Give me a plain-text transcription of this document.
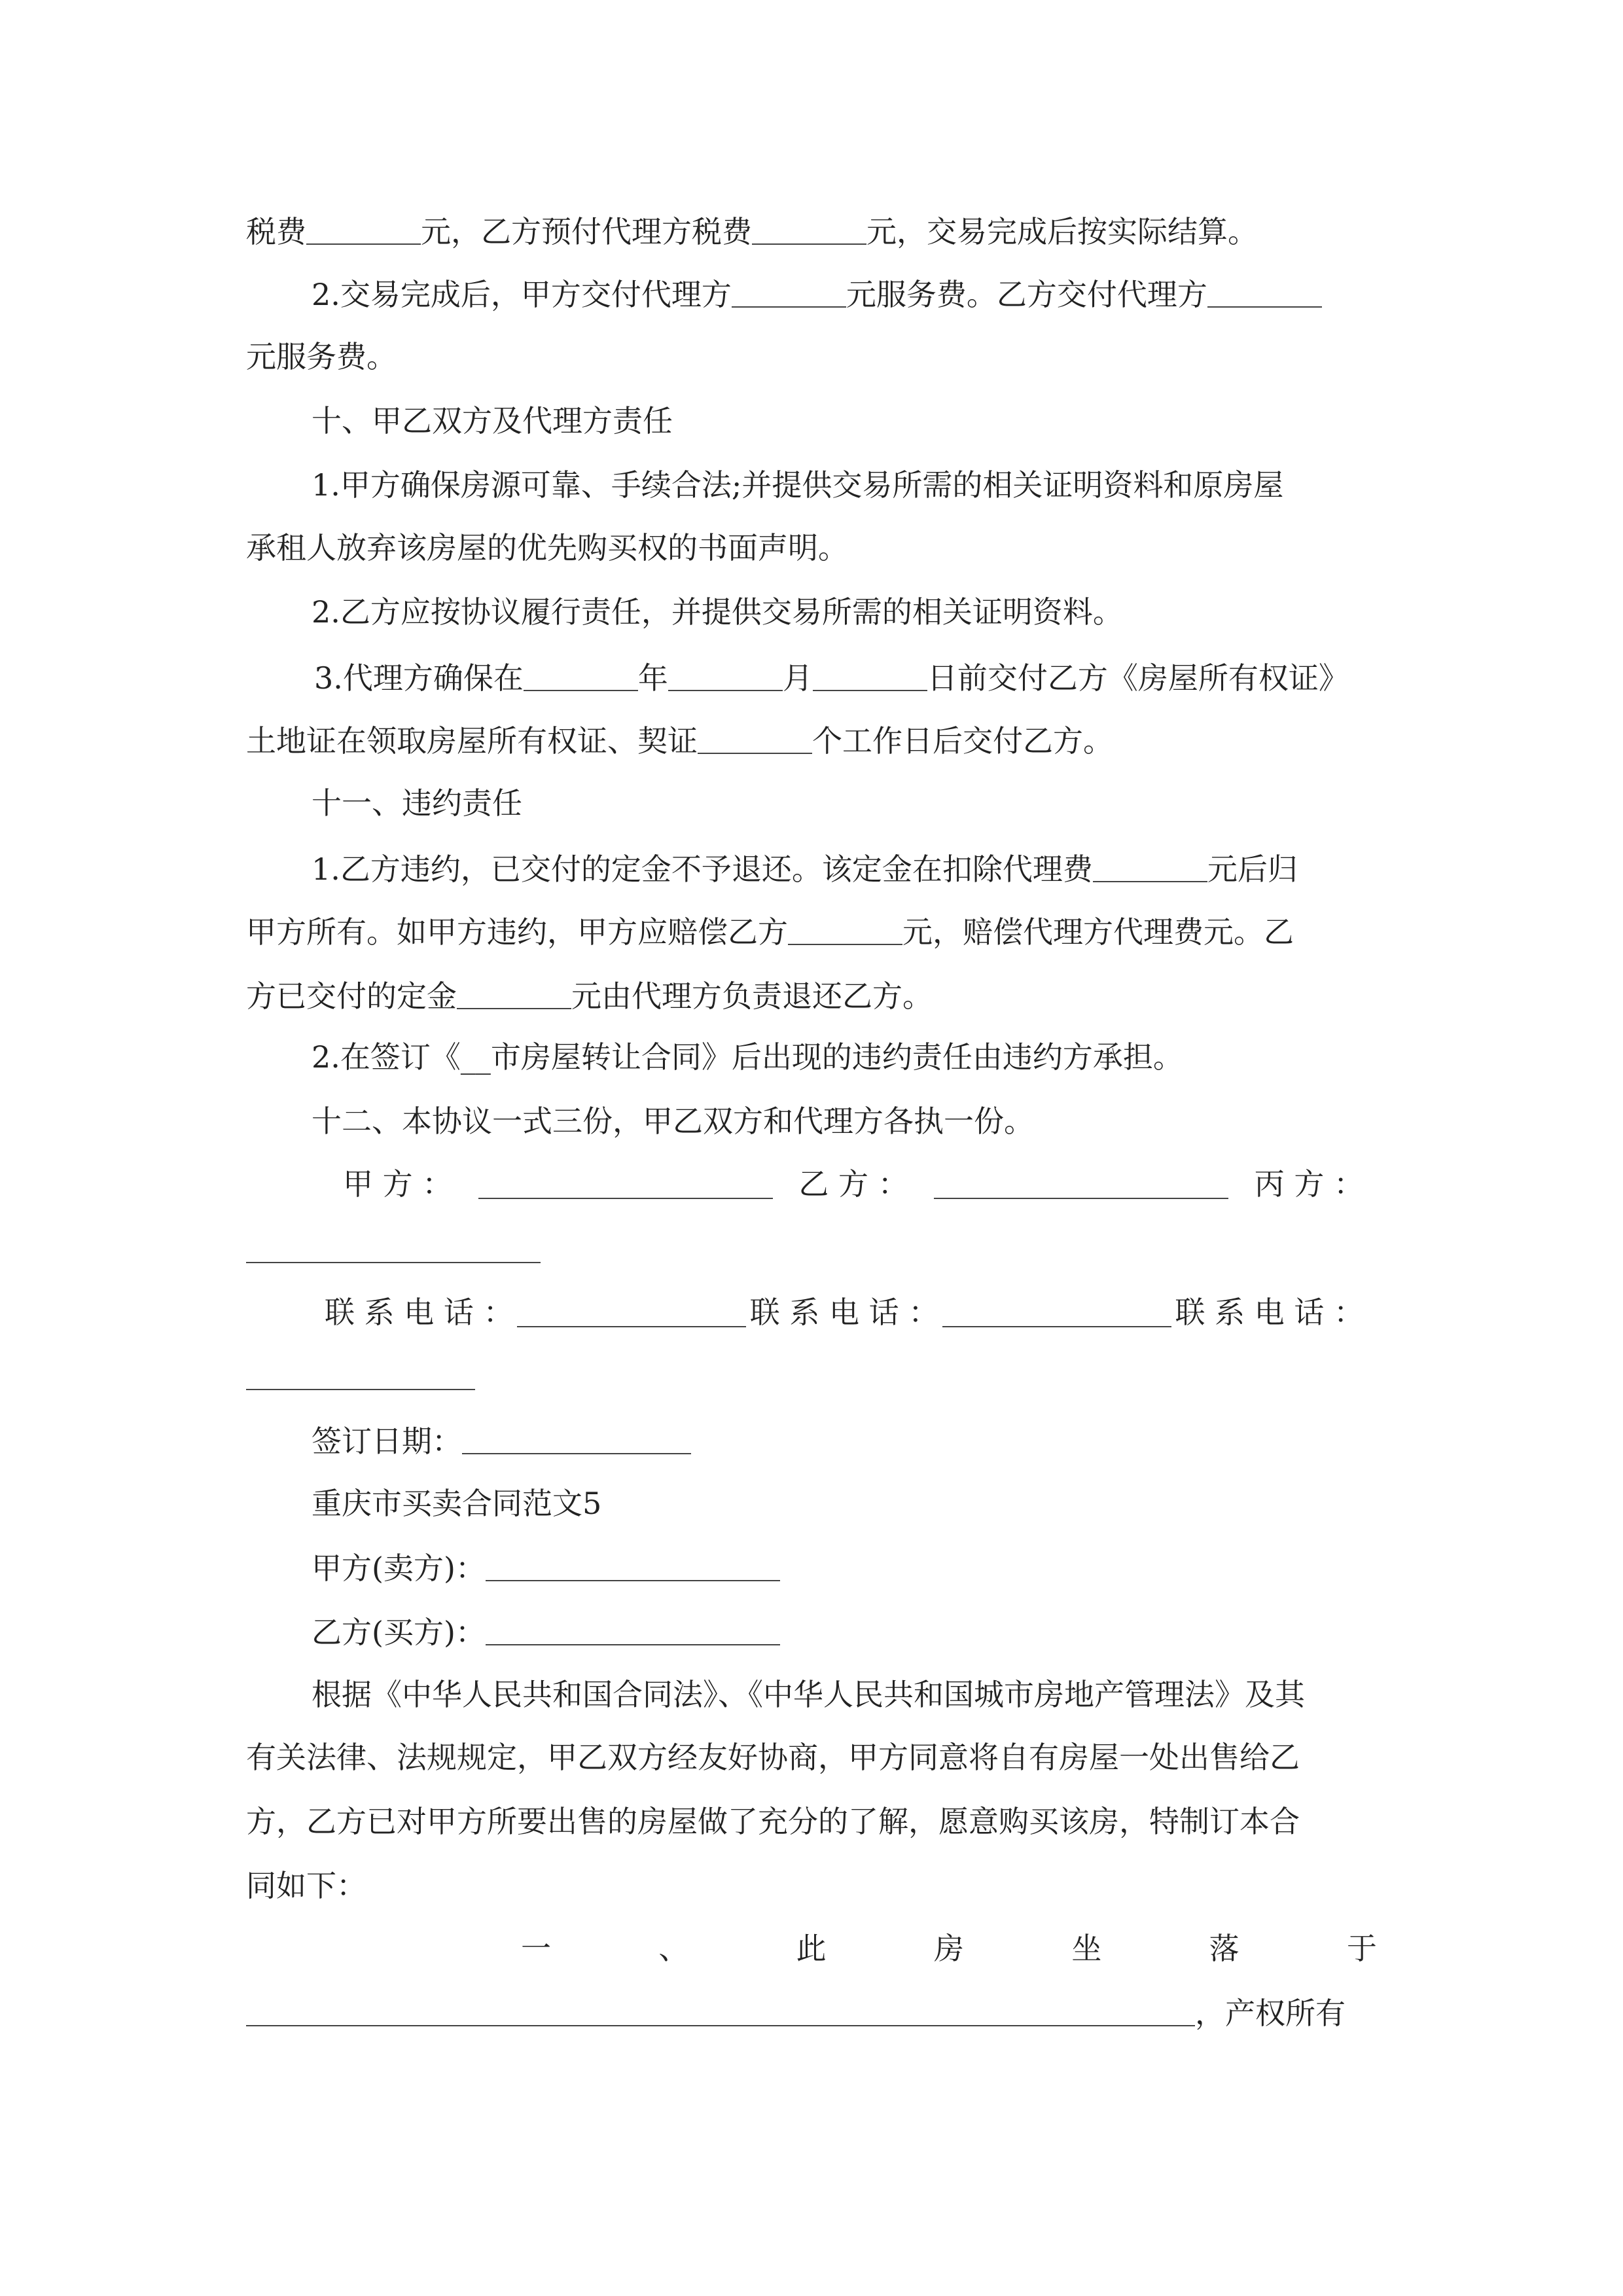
税费	元，乙方预付代理方税费	元，交易完成后按实际结算。
2.交易完成后，甲方交付代理方	元服务费。乙方交付代理方
元服务费。
十、甲乙双方及代理方责任
1.甲方确保房源可靠、手续合法;并提供交易所需的相关证明资料和原房屋
承租人放弃该房屋的优先购买权的书面声明。
2.乙方应按协议履行责任，并提供交易所需的相关证明资料。
3.代理方确保在	年	月	日前交付乙方《房屋所有权证》
土地证在领取房屋所有权证、契证	个工作日后交付乙方。
十一、违约责任
1.乙方违约，已交付的定金不予退还。该定金在扣除代理费	元后归
甲方所有。如甲方违约，甲方应赔偿乙方	元，赔偿代理方代理费元。乙
方已交付的定金	元由代理方负责退还乙方。
2.在签订《__市房屋转让合同》后出现的违约责任由违约方承担。
十二、本协议一式三份，甲乙双方和代理方各执一份。
甲 方 ：	乙 方 ：	丙 方 ：
联 系 电 话 ：	联 系 电 话 ：	联 系 电 话 ：
签订日期：
重庆市买卖合同范文5
甲方(卖方)：
乙方(买方)：
根据《中华人民共和国合同法》、《中华人民共和国城市房地产管理法》及其
有关法律、法规规定，甲乙双方经友好协商，甲方同意将自有房屋一处出售给乙
方，乙方已对甲方所要出售的房屋做了充分的了解，愿意购买该房，特制订本合
同如下：
一	、	此	房	坐	落	于
，产权所有
